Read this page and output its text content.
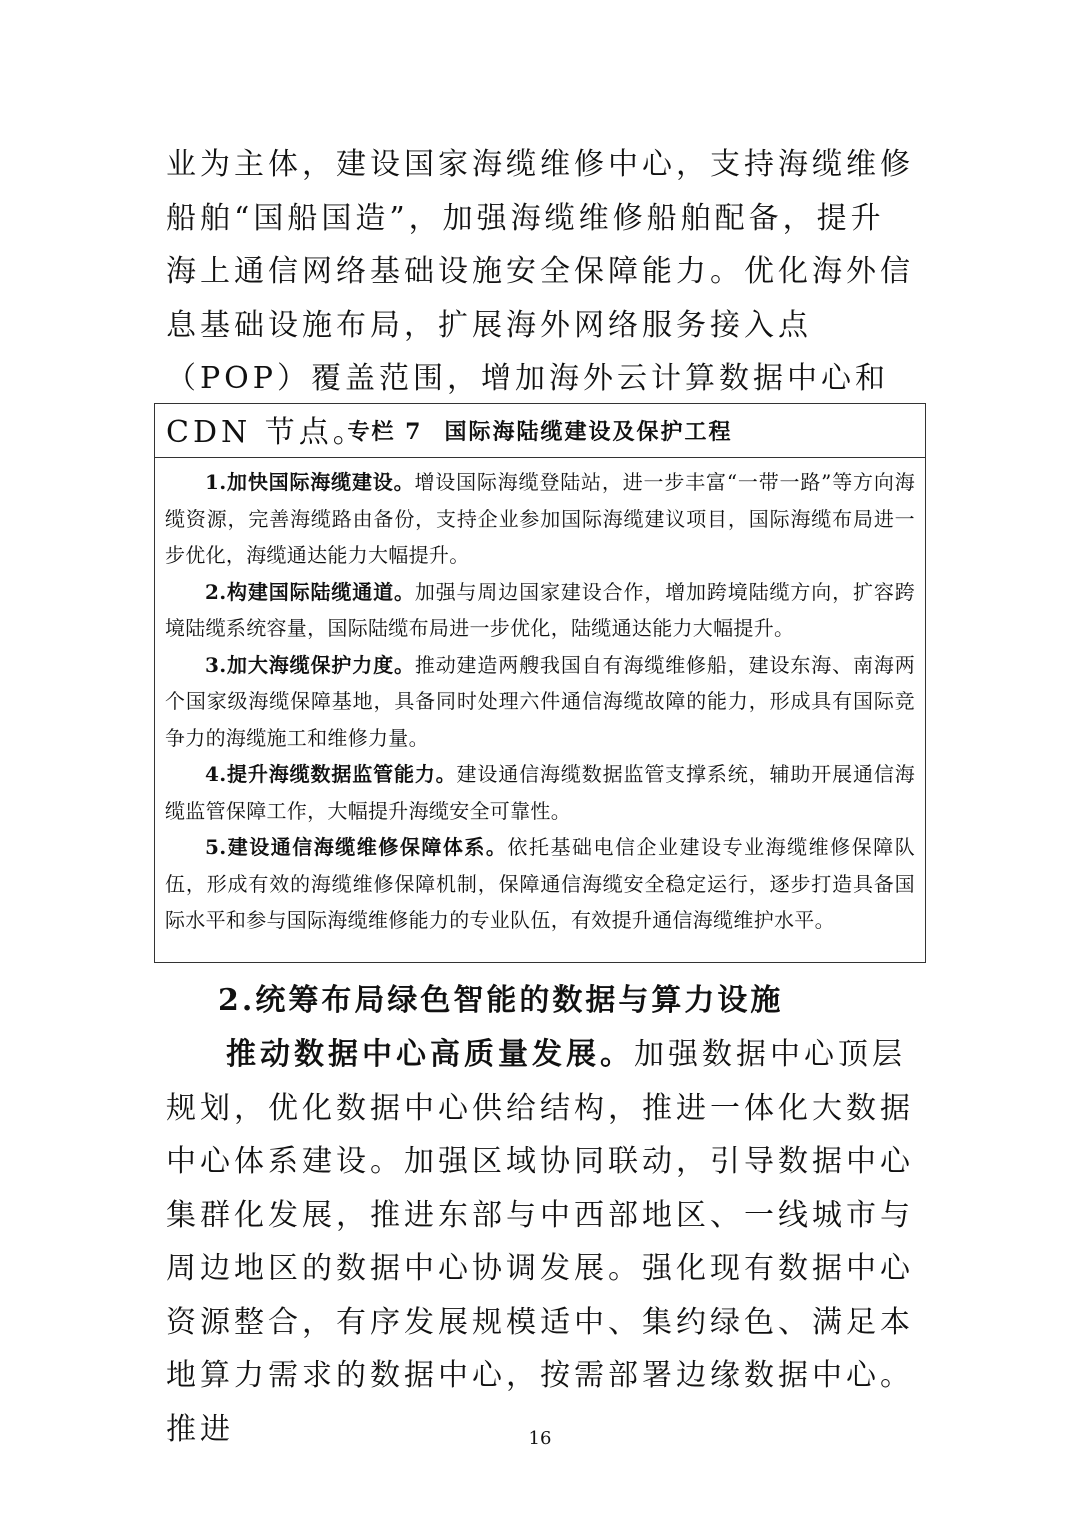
业为主体，建设国家海缆维修中心，支持海缆维修船舶“国船国造”，加强海缆维修船舶配备，提升海上通信网络基础设施安全保障能力。优化海外信息基础设施布局，扩展海外网络服务接入点（POP）覆盖范围，增加海外云计算数据中心和 CDN 节点。

专栏 7 国际海陆缆建设及保护工程

1.加快国际海缆建设。增设国际海缆登陆站，进一步丰富“一带一路”等方向海缆资源，完善海缆路由备份，支持企业参加国际海缆建议项目，国际海缆布局进一步优化，海缆通达能力大幅提升。

2.构建国际陆缆通道。加强与周边国家建设合作，增加跨境陆缆方向，扩容跨境陆缆系统容量，国际陆缆布局进一步优化，陆缆通达能力大幅提升。

3.加大海缆保护力度。推动建造两艘我国自有海缆维修船，建设东海、南海两个国家级海缆保障基地，具备同时处理六件通信海缆故障的能力，形成具有国际竞争力的海缆施工和维修力量。

4.提升海缆数据监管能力。建设通信海缆数据监管支撑系统，辅助开展通信海缆监管保障工作，大幅提升海缆安全可靠性。

5.建设通信海缆维修保障体系。依托基础电信企业建设专业海缆维修保障队伍，形成有效的海缆维修保障机制，保障通信海缆安全稳定运行，逐步打造具备国际水平和参与国际海缆维修能力的专业队伍，有效提升通信海缆维护水平。

2.统筹布局绿色智能的数据与算力设施

推动数据中心高质量发展。加强数据中心顶层规划，优化数据中心供给结构，推进一体化大数据中心体系建设。加强区域协同联动，引导数据中心集群化发展，推进东部与中西部地区、一线城市与周边地区的数据中心协调发展。强化现有数据中心资源整合，有序发展规模适中、集约绿色、满足本地算力需求的数据中心，按需部署边缘数据中心。推进	16
